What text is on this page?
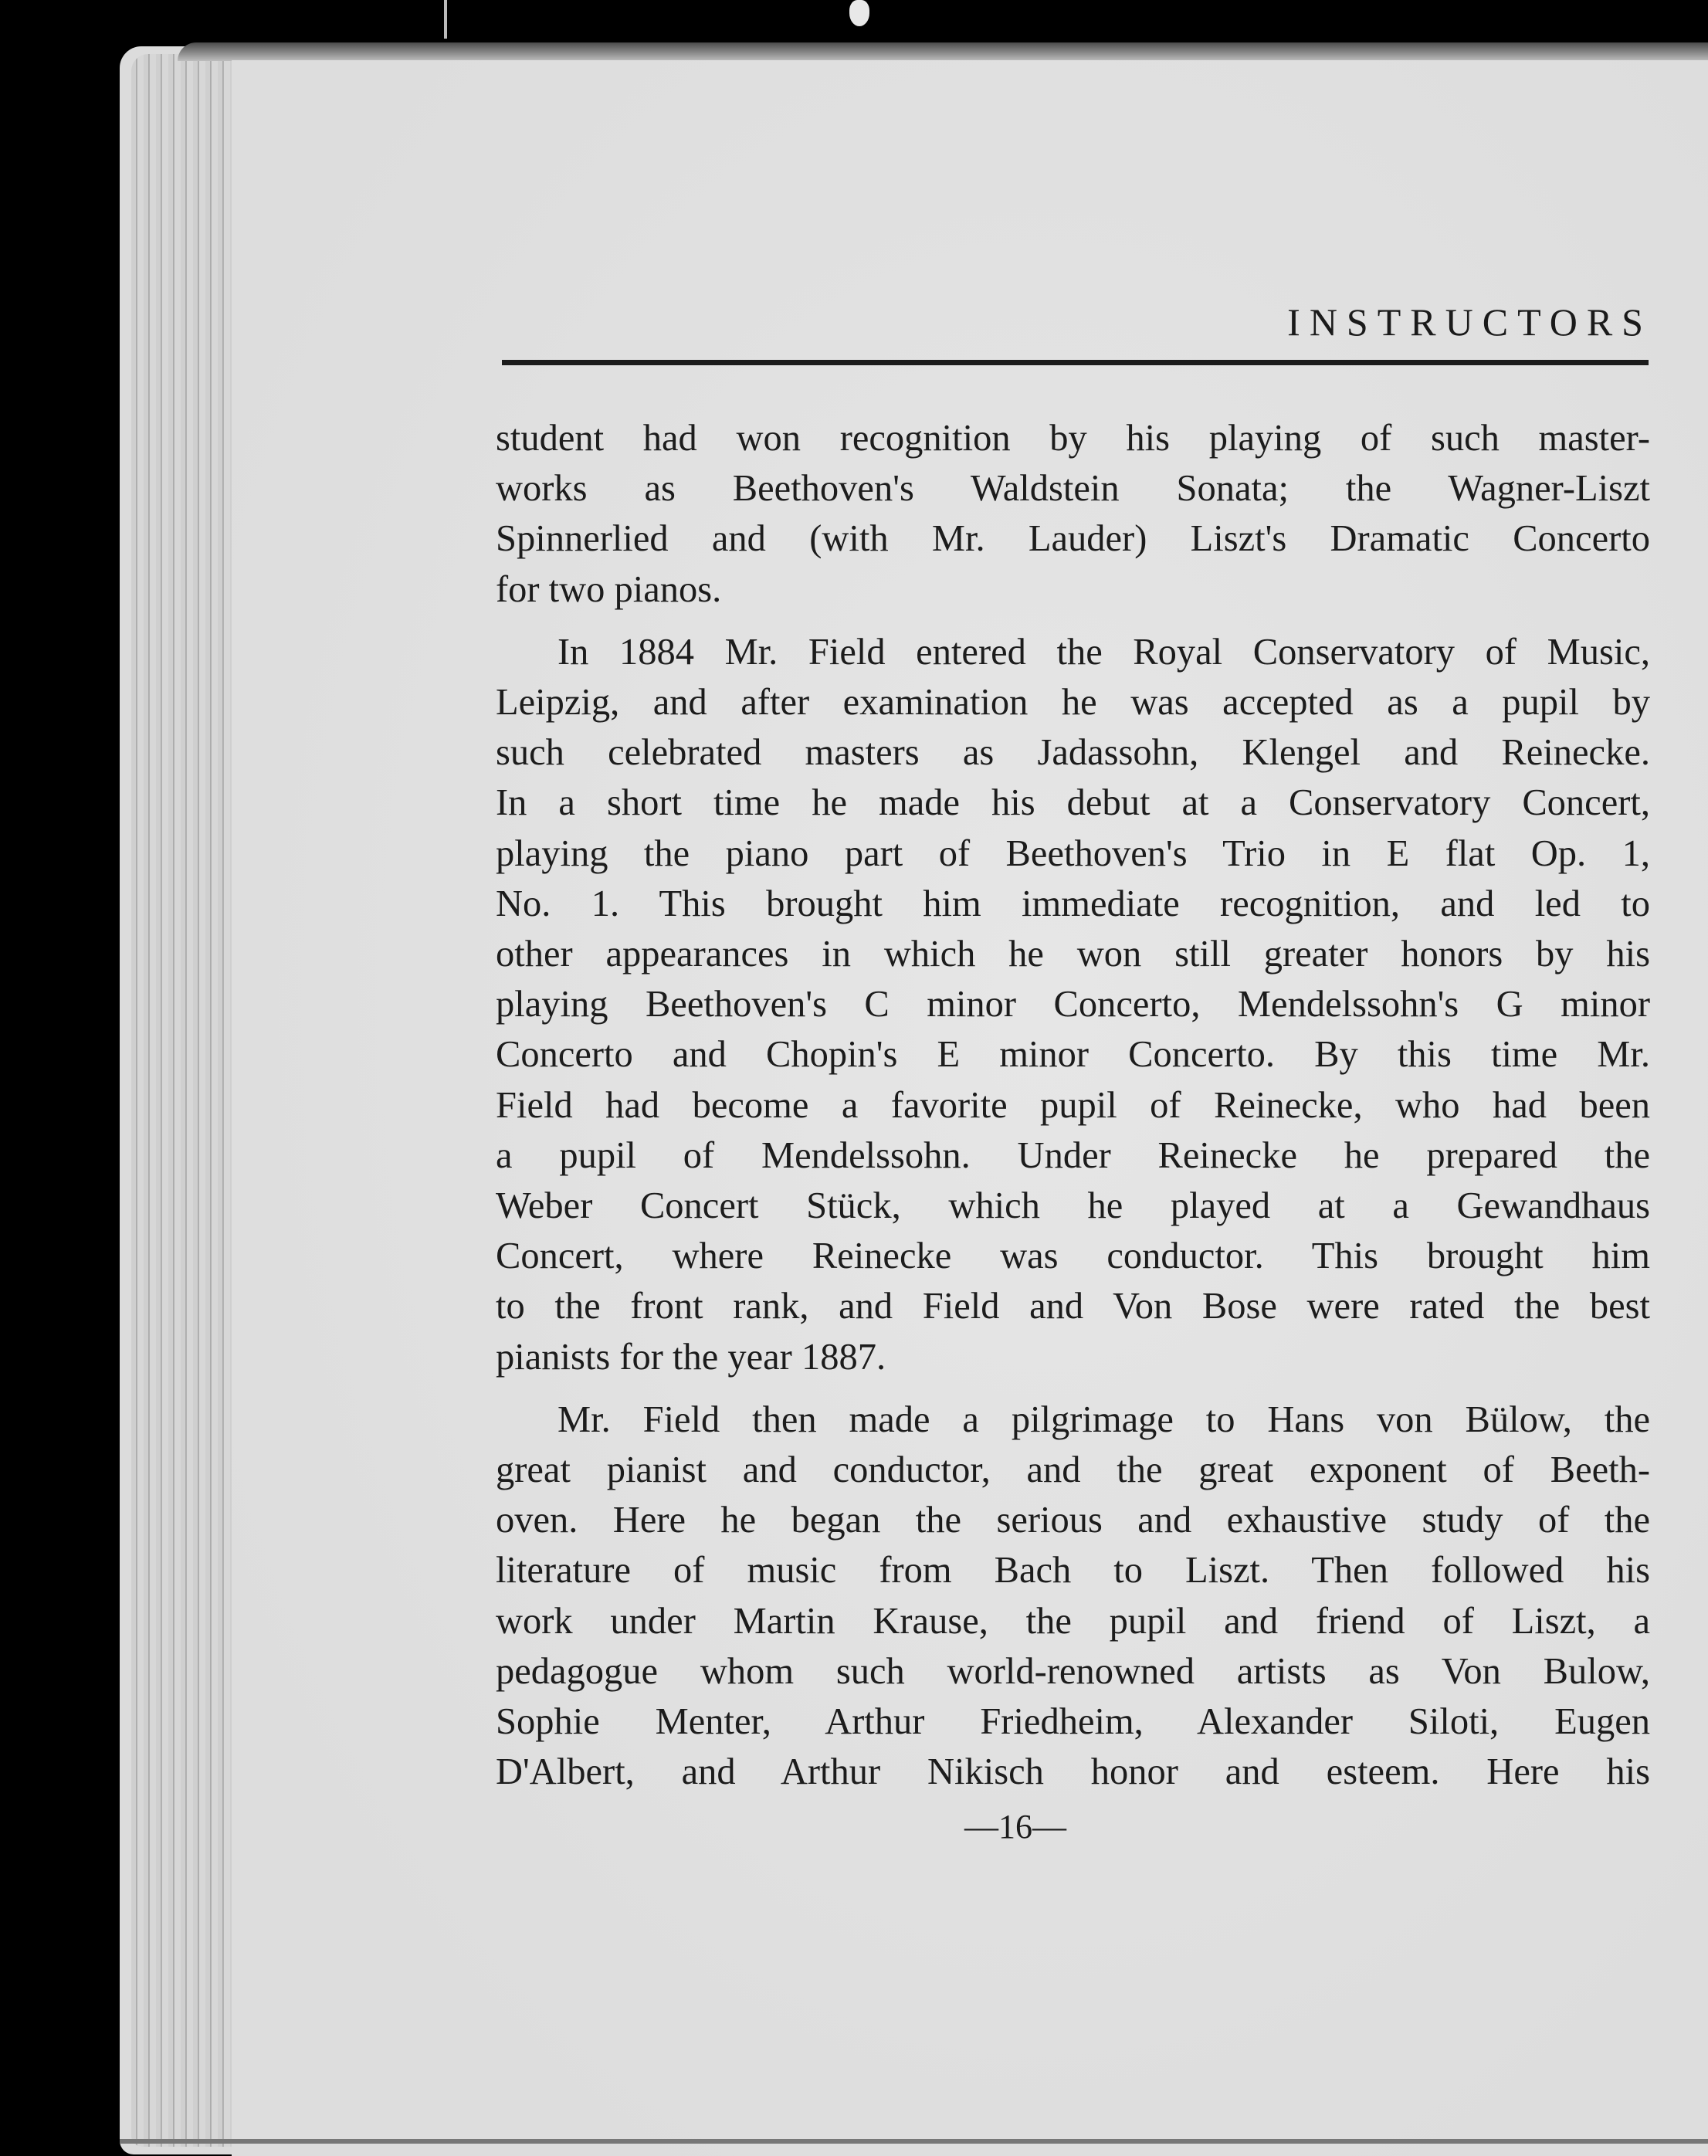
INSTRUCTORS
student had won recognition by his playing of such master-
works as Beethoven's Waldstein Sonata; the Wagner-Liszt
Spinnerlied and (with Mr. Lauder) Liszt's Dramatic Concerto
for two pianos.
In 1884 Mr. Field entered the Royal Conservatory of Music,
Leipzig, and after examination he was accepted as a pupil by
such celebrated masters as Jadassohn, Klengel and Reinecke.
In a short time he made his debut at a Conservatory Concert,
playing the piano part of Beethoven's Trio in E flat Op. 1,
No. 1. This brought him immediate recognition, and led to
other appearances in which he won still greater honors by his
playing Beethoven's C minor Concerto, Mendelssohn's G minor
Concerto and Chopin's E minor Concerto. By this time Mr.
Field had become a favorite pupil of Reinecke, who had been
a pupil of Mendelssohn. Under Reinecke he prepared the
Weber Concert Stück, which he played at a Gewandhaus
Concert, where Reinecke was conductor. This brought him
to the front rank, and Field and Von Bose were rated the best
pianists for the year 1887.
Mr. Field then made a pilgrimage to Hans von Bülow, the
great pianist and conductor, and the great exponent of Beeth-
oven. Here he began the serious and exhaustive study of the
literature of music from Bach to Liszt. Then followed his
work under Martin Krause, the pupil and friend of Liszt, a
pedagogue whom such world-renowned artists as Von Bulow,
Sophie Menter, Arthur Friedheim, Alexander Siloti, Eugen
D'Albert, and Arthur Nikisch honor and esteem. Here his
—16—
